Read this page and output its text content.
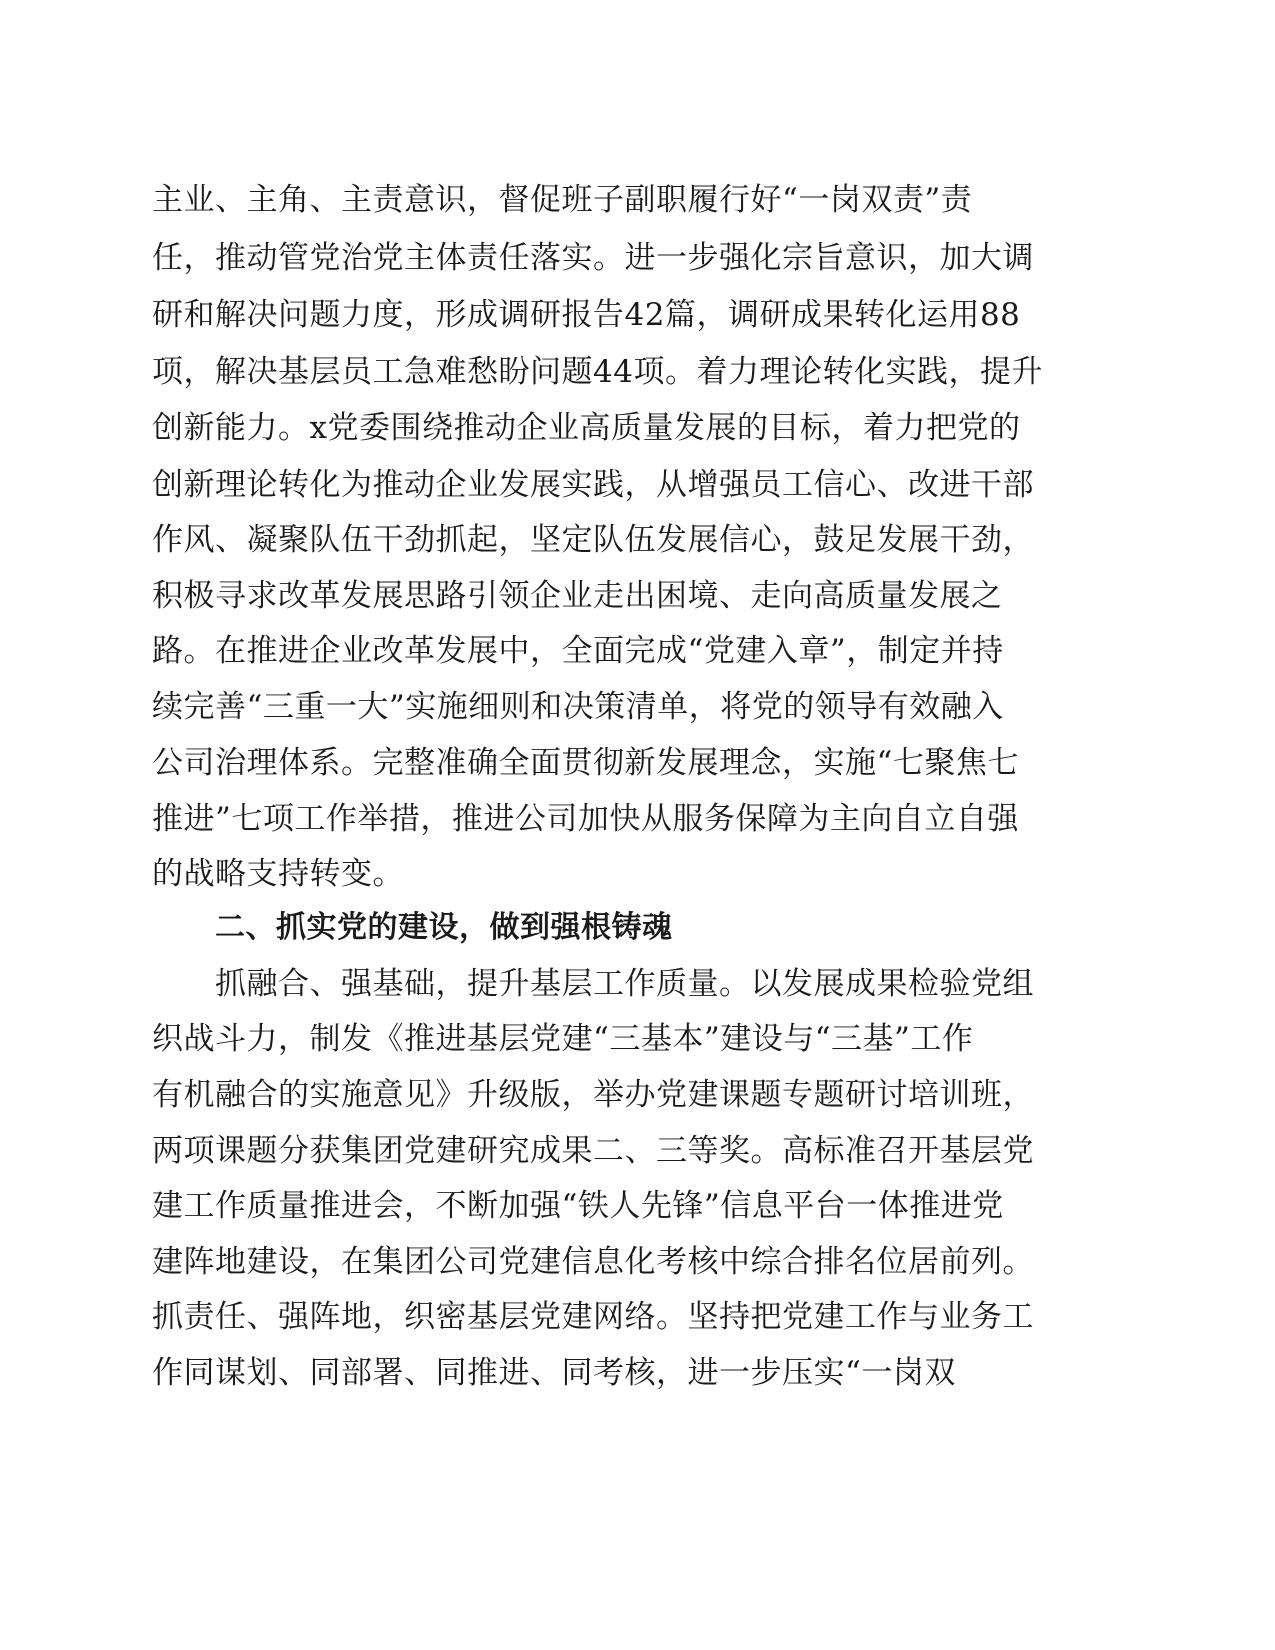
主业、主角、主责意识，督促班子副职履行好“一岗双责”责
任，推动管党治党主体责任落实。进一步强化宗旨意识，加大调
研和解决问题力度，形成调研报告42篇，调研成果转化运用88
项，解决基层员工急难愁盼问题44项。着力理论转化实践，提升
创新能力。x党委围绕推动企业高质量发展的目标，着力把党的
创新理论转化为推动企业发展实践，从增强员工信心、改进干部
作风、凝聚队伍干劲抓起，坚定队伍发展信心，鼓足发展干劲，
积极寻求改革发展思路引领企业走出困境、走向高质量发展之
路。在推进企业改革发展中，全面完成“党建入章”，制定并持
续完善“三重一大”实施细则和决策清单，将党的领导有效融入
公司治理体系。完整准确全面贯彻新发展理念，实施“七聚焦七
推进”七项工作举措，推进公司加快从服务保障为主向自立自强
的战略支持转变。
二、抓实党的建设，做到强根铸魂
抓融合、强基础，提升基层工作质量。以发展成果检验党组
织战斗力，制发《推进基层党建“三基本”建设与“三基”工作
有机融合的实施意见》升级版，举办党建课题专题研讨培训班，
两项课题分获集团党建研究成果二、三等奖。高标准召开基层党
建工作质量推进会，不断加强“铁人先锋”信息平台一体推进党
建阵地建设，在集团公司党建信息化考核中综合排名位居前列。
抓责任、强阵地，织密基层党建网络。坚持把党建工作与业务工
作同谋划、同部署、同推进、同考核，进一步压实“一岗双
